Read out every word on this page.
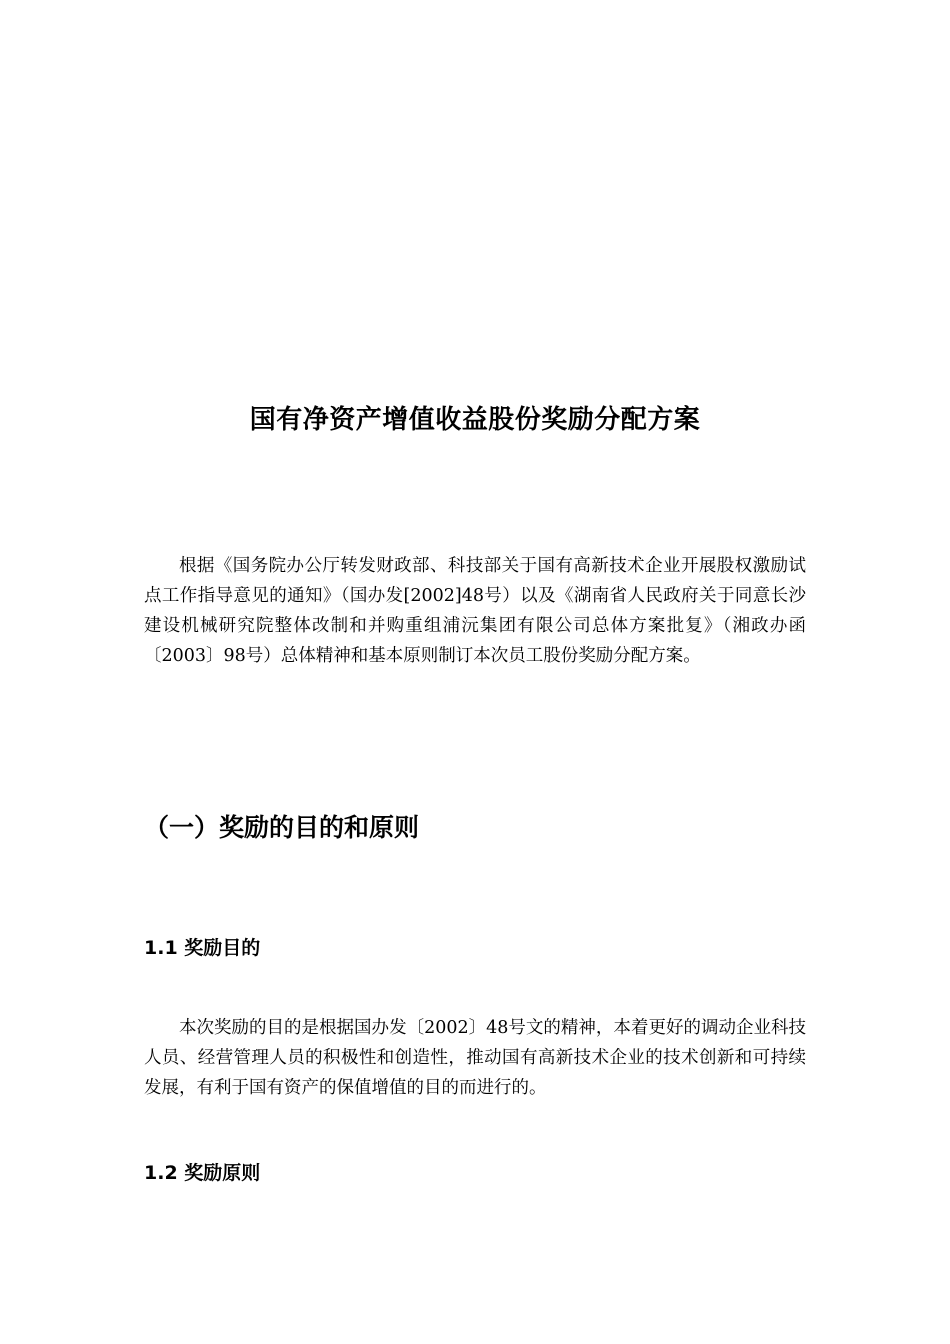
国有净资产增值收益股份奖励分配方案

根据《国务院办公厅转发财政部、科技部关于国有高新技术企业开展股权激励试点工作指导意见的通知》（国办发[2002]48号）以及《湖南省人民政府关于同意长沙建设机械研究院整体改制和并购重组浦沅集团有限公司总体方案批复》（湘政办函〔2003〕98号）总体精神和基本原则制订本次员工股份奖励分配方案。

（一）奖励的目的和原则
1.1 奖励目的

本次奖励的目的是根据国办发〔2002〕48号文的精神，本着更好的调动企业科技人员、经营管理人员的积极性和创造性，推动国有高新技术企业的技术创新和可持续发展，有利于国有资产的保值增值的目的而进行的。

1.2 奖励原则
